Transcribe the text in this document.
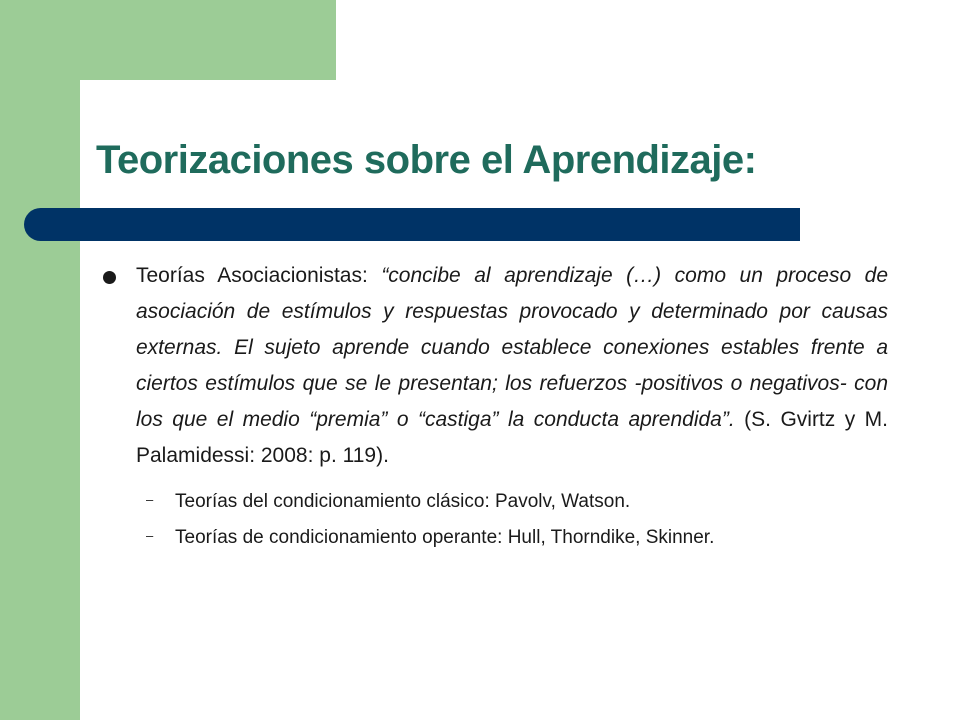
Teorizaciones sobre el Aprendizaje:

Teorías Asociacionistas: “concibe al aprendizaje (…) como un proceso de asociación de estímulos y respuestas provocado y determinado por causas externas. El sujeto aprende cuando establece conexiones estables frente a ciertos estímulos que se le presentan; los refuerzos -positivos o negativos- con los que el medio “premia” o “castiga” la conducta aprendida”. (S. Gvirtz y M. Palamidessi: 2008: p. 119).

– Teorías del condicionamiento clásico: Pavolv, Watson.
– Teorías de condicionamiento operante: Hull, Thorndike, Skinner.
